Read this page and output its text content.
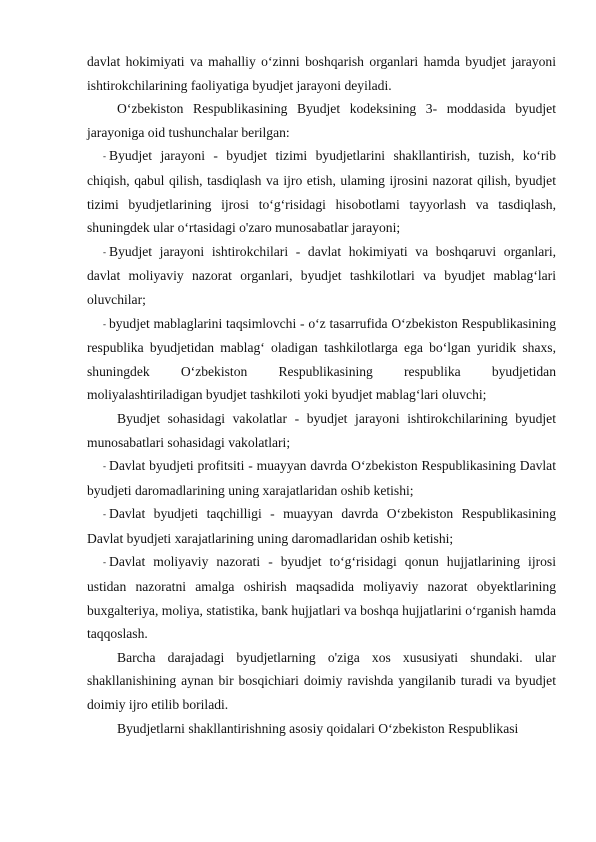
davlat hokimiyati va mahalliy o‘zinni boshqarish organlari hamda byudjet jarayoni ishtirokchilarining faoliyatiga byudjet jarayoni deyiladi.

O‘zbekiston Respublikasining Byudjet kodeksining 3- moddasida byudjet jarayoniga oid tushunchalar berilgan:

- Byudjet jarayoni - byudjet tizimi byudjetlarini shakllantirish, tuzish, ko‘rib chiqish, qabul qilish, tasdiqlash va ijro etish, ulaming ijrosini nazorat qilish, byudjet tizimi byudjetlarining ijrosi to‘g‘risidagi hisobotlami tayyorlash va tasdiqlash, shuningdek ular o‘rtasidagi o'zaro munosabatlar jarayoni;

- Byudjet jarayoni ishtirokchilari - davlat hokimiyati va boshqaruvi organlari, davlat moliyaviy nazorat organlari, byudjet tashkilotlari va byudjet mablag‘lari oluvchilar;

- byudjet mablaglarini taqsimlovchi - o‘z tasarrufida O‘zbekiston Respublikasining respublika byudjetidan mablag‘ oladigan tashkilotlarga ega bo‘lgan yuridik shaxs, shuningdek O‘zbekiston Respublikasining respublika byudjetidan moliyalashtiriladigan byudjet tashkiloti yoki byudjet mablag‘lari oluvchi;

Byudjet sohasidagi vakolatlar - byudjet jarayoni ishtirokchilarining byudjet munosabatlari sohasidagi vakolatlari;

- Davlat byudjeti profitsiti - muayyan davrda O‘zbekiston Respublikasining Davlat byudjeti daromadlarining uning xarajatlaridan oshib ketishi;

- Davlat byudjeti taqchilligi - muayyan davrda O‘zbekiston Respublikasining Davlat byudjeti xarajatlarining uning daromadlaridan oshib ketishi;

- Davlat moliyaviy nazorati - byudjet to‘g‘risidagi qonun hujjatlarining ijrosi ustidan nazoratni amalga oshirish maqsadida moliyaviy nazorat obyektlarining buxgalteriya, moliya, statistika, bank hujjatlari va boshqa hujjatlarini o‘rganish hamda taqqoslash.

Barcha darajadagi byudjetlarning o'ziga xos xususiyati shundaki. ular shakllanishining aynan bir bosqichiari doimiy ravishda yangilanib turadi va byudjet doimiy ijro etilib boriladi.

Byudjetlarni shakllantirishning asosiy qoidalari O‘zbekiston Respublikasi
